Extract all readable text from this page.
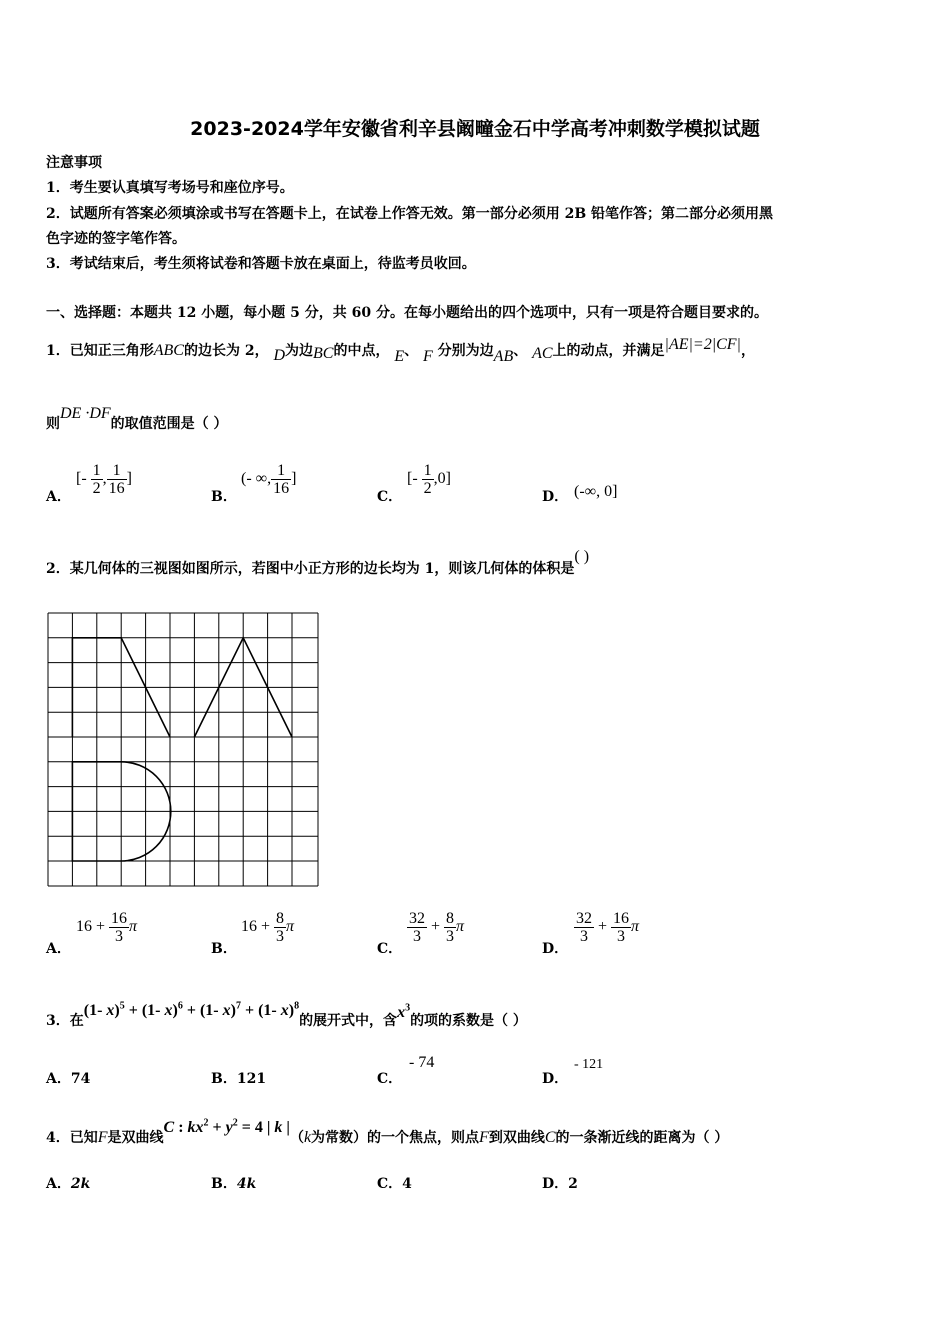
2023-2024学年安徽省利辛县阚疃金石中学高考冲刺数学模拟试题
注意事项
1．考生要认真填写考场号和座位序号。
2．试题所有答案必须填涂或书写在答题卡上，在试卷上作答无效。第一部分必须用 2B 铅笔作答；第二部分必须用黑
色字迹的签字笔作答。
3．考试结束后，考生须将试卷和答题卡放在桌面上，待监考员收回。
一、选择题：本题共 12 小题，每小题 5 分，共 60 分。在每小题给出的四个选项中，只有一项是符合题目要求的。
1．已知正三角形ABC的边长为 2， D为边BC的中点， E、 F 分别为边AB、 AC上的动点，并满足|AE|=2|CF|，
则DE ·DF的取值范围是（ ）
A．
[- $\frac{1}{2}$ , $\frac{1}{16}$ ]
B．
(- ∞, $\frac{1}{16}$ ]
C．
[- $\frac{1}{2} ,0$]
D． (-∞, 0]
2．某几何体的三视图如图所示，若图中小正方形的边长均为 1，则该几何体的体积是( )
A．
$16 + \frac{16}{3}$ π
B．
$16 + \frac{8}{3}$ π
C．
$\frac{32}{3} + \frac{8}{3}$ π
D．
$\frac{32}{3} + \frac{16}{3}$ π
3．在(1- x)$^5$ + (1- x)$^6$ + (1- x)$^7$ + (1- x)$^8$的展开式中，含$x^3$的项的系数是（ ）
A．74	B．121	C．
- 74
D．
- 121
4．已知F是双曲线C : $kx^2 + y^2 = 4$ | k |（k为常数）的一个焦点，则点F到双曲线C的一条渐近线的距离为（ ）
A．2k	B．4k	C．4	D．2
